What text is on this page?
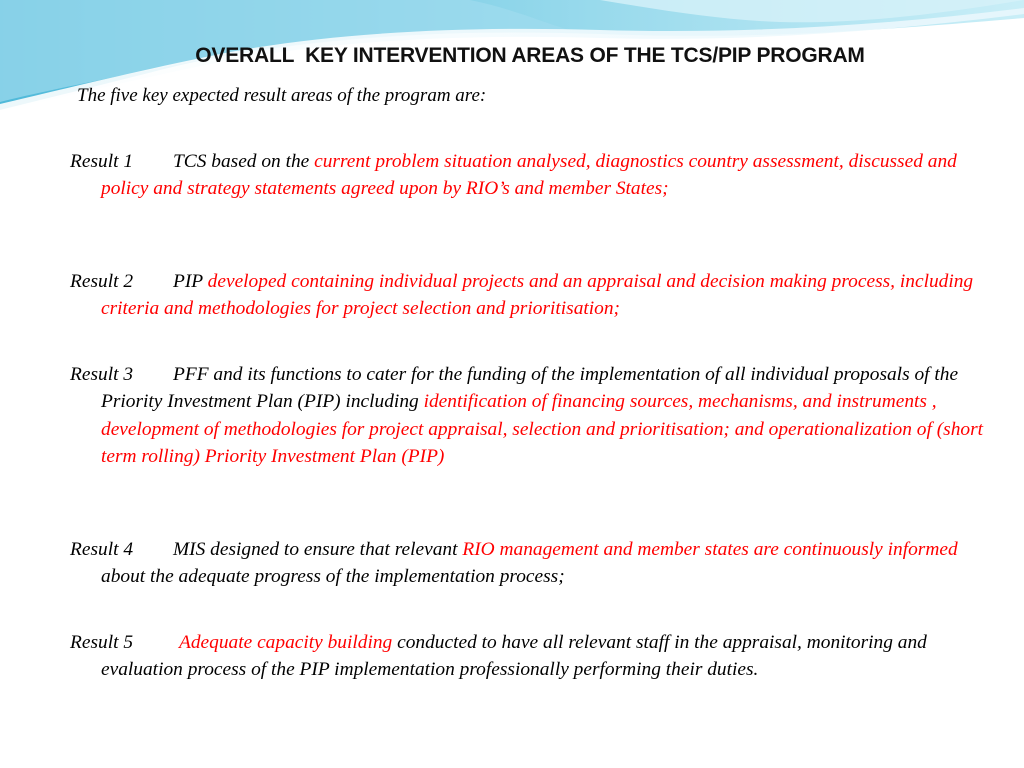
OVERALL  KEY INTERVENTION AREAS OF THE TCS/PIP PROGRAM
The five key expected result areas of the program are:
Result 1 TCS based on the current problem situation analysed, diagnostics country assessment, discussed and policy and strategy statements agreed upon by RIO’s and member States;
Result 2 PIP developed containing individual projects and an appraisal and decision making process, including criteria and methodologies for project selection and prioritisation;
Result 3 PFF and its functions to cater for the funding of the implementation of all individual proposals of the Priority Investment Plan (PIP) including identification of financing sources, mechanisms, and instruments , development of methodologies for project appraisal, selection and prioritisation; and operationalization of (short term rolling) Priority Investment Plan (PIP)
Result 4 MIS designed to ensure that relevant RIO management and member states are continuously informed about the adequate progress of the implementation process;
Result 5 Adequate capacity building conducted to have all relevant staff in the appraisal, monitoring and evaluation process of the PIP implementation professionally performing their duties.
